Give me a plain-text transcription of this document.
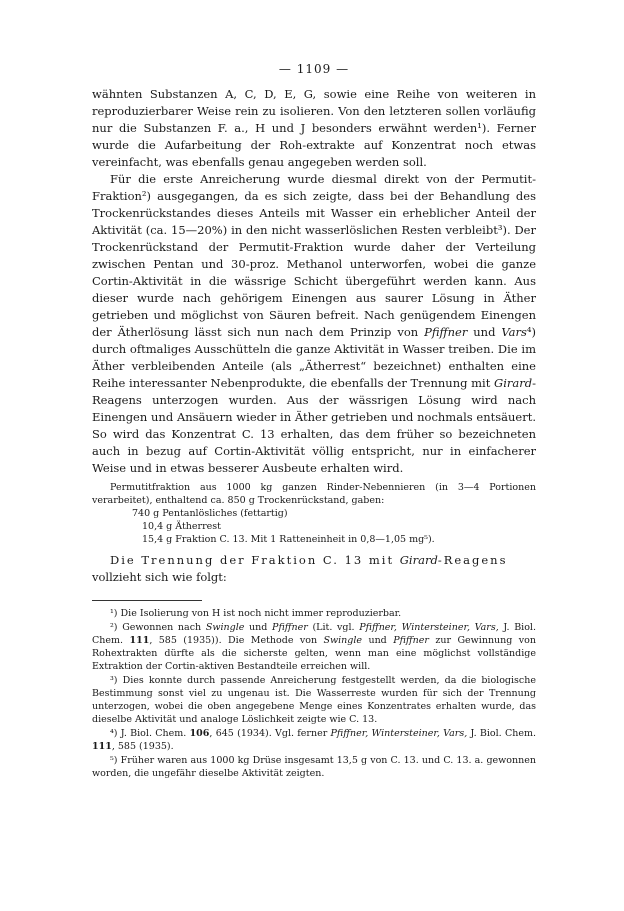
— 1109 —

wähnten Substanzen A, C, D, E, G, sowie eine Reihe von weiteren in reproduzierbarer Weise rein zu isolieren. Von den letzteren sollen vorläufig nur die Substanzen F. a., H und J besonders erwähnt werden¹). Ferner wurde die Aufarbeitung der Roh-extrakte auf Konzentrat noch etwas vereinfacht, was ebenfalls genau angegeben werden soll.

Für die erste Anreicherung wurde diesmal direkt von der Permutit-Fraktion²) ausgegangen, da es sich zeigte, dass bei der Behandlung des Trockenrückstandes dieses Anteils mit Wasser ein erheblicher Anteil der Aktivität (ca. 15—20%) in den nicht wasserlöslichen Resten verbleibt³). Der Trockenrückstand der Permutit-Fraktion wurde daher der Verteilung zwischen Pentan und 30-proz. Methanol unterworfen, wobei die ganze Cortin-Aktivität in die wässrige Schicht übergeführt werden kann. Aus dieser wurde nach gehörigem Einengen aus saurer Lösung in Äther getrieben und möglichst von Säuren befreit. Nach genügendem Einengen der Ätherlösung lässt sich nun nach dem Prinzip von Pfiffner und Vars⁴) durch oftmaliges Ausschütteln die ganze Aktivität in Wasser treiben. Die im Äther verbleibenden Anteile (als „Ätherrest“ bezeichnet) enthalten eine Reihe interessanter Nebenprodukte, die ebenfalls der Trennung mit Girard-Reagens unterzogen wurden. Aus der wässrigen Lösung wird nach Einengen und Ansäuern wieder in Äther getrieben und nochmals entsäuert. So wird das Konzentrat C. 13 erhalten, das dem früher so bezeichneten auch in bezug auf Cortin-Aktivität völlig entspricht, nur in einfacherer Weise und in etwas besserer Ausbeute erhalten wird.

Permutitfraktion aus 1000 kg ganzen Rinder-Nebennieren (in 3—4 Portionen verarbeitet), enthaltend ca. 850 g Trockenrückstand, gaben:

740 g Pentanlösliches (fettartig)
10,4 g Ätherrest
15,4 g Fraktion C. 13. Mit 1 Ratteneinheit in 0,8—1,05 mg⁵).

Die Trennung der Fraktion C. 13 mit Girard-Reagens
vollzieht sich wie folgt:

¹) Die Isolierung von H ist noch nicht immer reproduzierbar.

²) Gewonnen nach Swingle und Pfiffner (Lit. vgl. Pfiffner, Wintersteiner, Vars, J. Biol. Chem. 111, 585 (1935)). Die Methode von Swingle und Pfiffner zur Gewinnung von Rohextrakten dürfte als die sicherste gelten, wenn man eine möglichst vollständige Extraktion der Cortin-aktiven Bestandteile erreichen will.

³) Dies konnte durch passende Anreicherung festgestellt werden, da die biologische Bestimmung sonst viel zu ungenau ist. Die Wasserreste wurden für sich der Trennung unterzogen, wobei die oben angegebene Menge eines Konzentrates erhalten wurde, das dieselbe Aktivität und analoge Löslichkeit zeigte wie C. 13.

⁴) J. Biol. Chem. 106, 645 (1934). Vgl. ferner Pfiffner, Wintersteiner, Vars, J. Biol. Chem. 111, 585 (1935).

⁵) Früher waren aus 1000 kg Drüse insgesamt 13,5 g von C. 13. und C. 13. a. gewonnen worden, die ungefähr dieselbe Aktivität zeigten.
